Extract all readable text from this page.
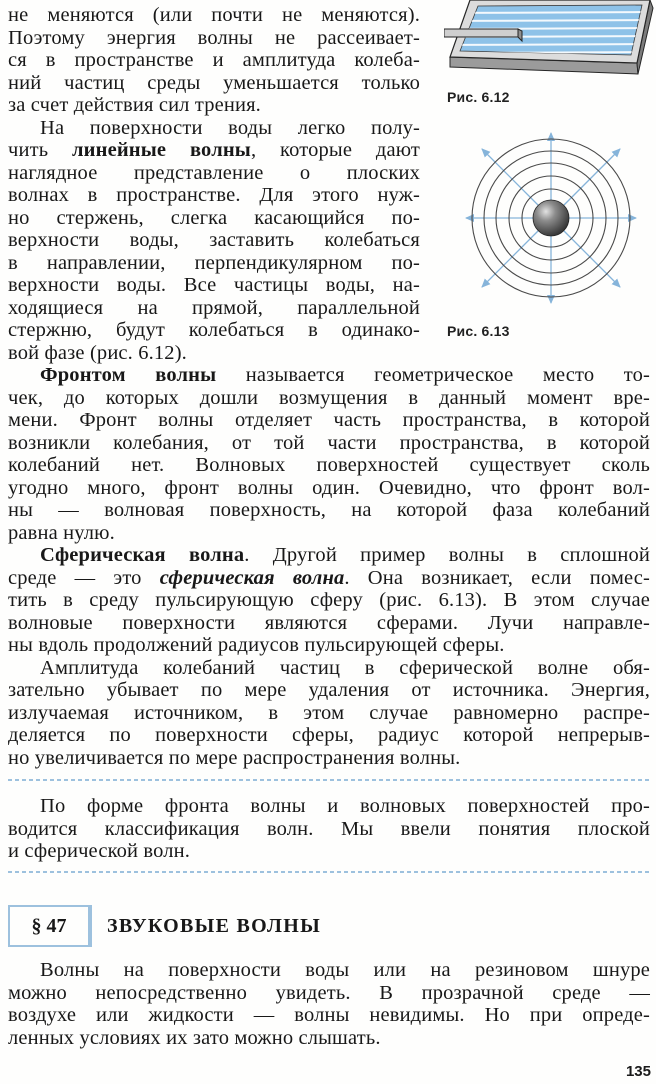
Рис. 6.12
Рис. 6.13
не меняются (или почти не меняются).
Поэтому энергия волны не рассеивает-
ся в пространстве и амплитуда колеба-
ний частиц среды уменьшается только
за счет действия сил трения.
На поверхности воды легко полу-
чить линейные волны, которые дают
наглядное представление о плоских
волнах в пространстве. Для этого нуж-
но стержень, слегка касающийся по-
верхности воды, заставить колебаться
в направлении, перпендикулярном по-
верхности воды. Все частицы воды, на-
ходящиеся на прямой, параллельной
стержню, будут колебаться в одинако-
вой фазе (рис. 6.12).
Фронтом волны называется геометрическое место то-
чек, до которых дошли возмущения в данный момент вре-
мени. Фронт волны отделяет часть пространства, в которой
возникли колебания, от той части пространства, в которой
колебаний нет. Волновых поверхностей существует сколь
угодно много, фронт волны один. Очевидно, что фронт вол-
ны — волновая поверхность, на которой фаза колебаний
равна нулю.
Сферическая волна. Другой пример волны в сплошной
среде — это сферическая волна. Она возникает, если помес-
тить в среду пульсирующую сферу (рис. 6.13). В этом случае
волновые поверхности являются сферами. Лучи направле-
ны вдоль продолжений радиусов пульсирующей сферы.
Амплитуда колебаний частиц в сферической волне обя-
зательно убывает по мере удаления от источника. Энергия,
излучаемая источником, в этом случае равномерно распре-
деляется по поверхности сферы, радиус которой непрерыв-
но увеличивается по мере распространения волны.
По форме фронта волны и волновых поверхностей про-
водится классификация волн. Мы ввели понятия плоской
и сферической волн.
§ 47	ЗВУКОВЫЕ ВОЛНЫ
Волны на поверхности воды или на резиновом шнуре
можно непосредственно увидеть. В прозрачной среде —
воздухе или жидкости — волны невидимы. Но при опреде-
ленных условиях их зато можно слышать.
135
